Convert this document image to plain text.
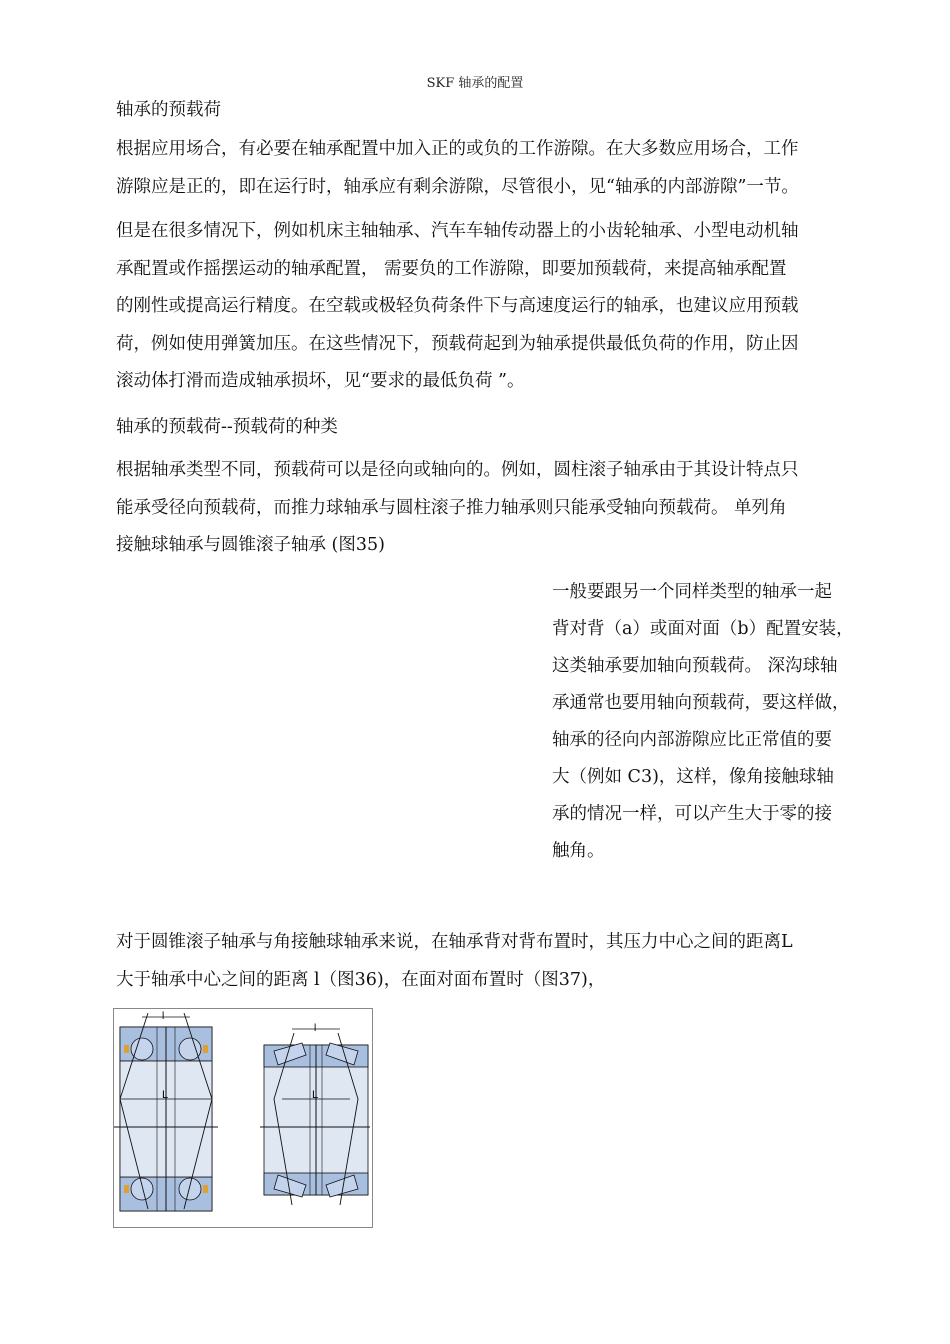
SKF 轴承的配置
轴承的预载荷
根据应用场合，有必要在轴承配置中加入正的或负的工作游隙。在大多数应用场合，工作
游隙应是正的，即在运行时，轴承应有剩余游隙，尽管很小，见“轴承的内部游隙”一节。
但是在很多情况下，例如机床主轴轴承、汽车车轴传动器上的小齿轮轴承、小型电动机轴
承配置或作摇摆运动的轴承配置， 需要负的工作游隙，即要加预载荷，来提高轴承配置
的刚性或提高运行精度。在空载或极轻负荷条件下与高速度运行的轴承，也建议应用预载
荷，例如使用弹簧加压。在这些情况下，预载荷起到为轴承提供最低负荷的作用，防止因
滚动体打滑而造成轴承损坏，见“要求的最低负荷 ”。
轴承的预载荷--预载荷的种类
根据轴承类型不同，预载荷可以是径向或轴向的。例如，圆柱滚子轴承由于其设计特点只
能承受径向预载荷，而推力球轴承与圆柱滚子推力轴承则只能承受轴向预载荷。 单列角
接触球轴承与圆锥滚子轴承 (图35)
一般要跟另一个同样类型的轴承一起
背对背（a）或面对面（b）配置安装，
这类轴承要加轴向预载荷。 深沟球轴
承通常也要用轴向预载荷，要这样做，
轴承的径向内部游隙应比正常值的要
大（例如 C3)，这样，像角接触球轴
承的情况一样，可以产生大于零的接
触角。
对于圆锥滚子轴承与角接触球轴承来说，在轴承背对背布置时，其压力中心之间的距离L
大于轴承中心之间的距离 l（图36)，在面对面布置时（图37)，
l
L
l
L
